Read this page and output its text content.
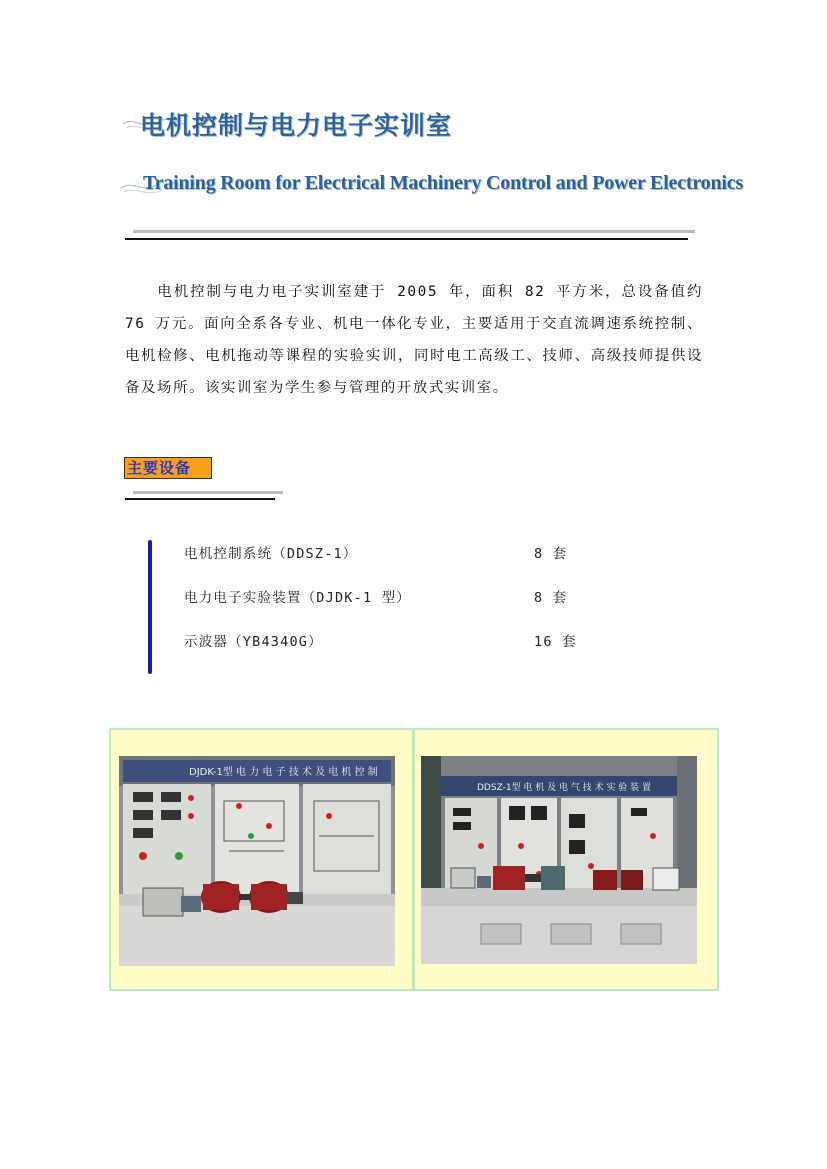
电机控制与电力电子实训室
Training Room for Electrical Machinery Control and Power Electronics

电机控制与电力电子实训室建于 2005 年，面积 82 平方米，总设备值约 76 万元。面向全系各专业、机电一体化专业，主要适用于交直流调速系统控制、电机检修、电机拖动等课程的实验实训，同时电工高级工、技师、高级技师提供设备及场所。该实训室为学生参与管理的开放式实训室。

主要设备
电机控制系统（DDSZ-1）	8 套
电力电子实验装置（DJDK-1 型）	8 套
示波器（YB4340G）	16 套
DJDK-1型 电 力 电 子 技 术 及 电 机 控 制
DDSZ-1型 电 机 及 电 气 技 术 实 验 装 置
